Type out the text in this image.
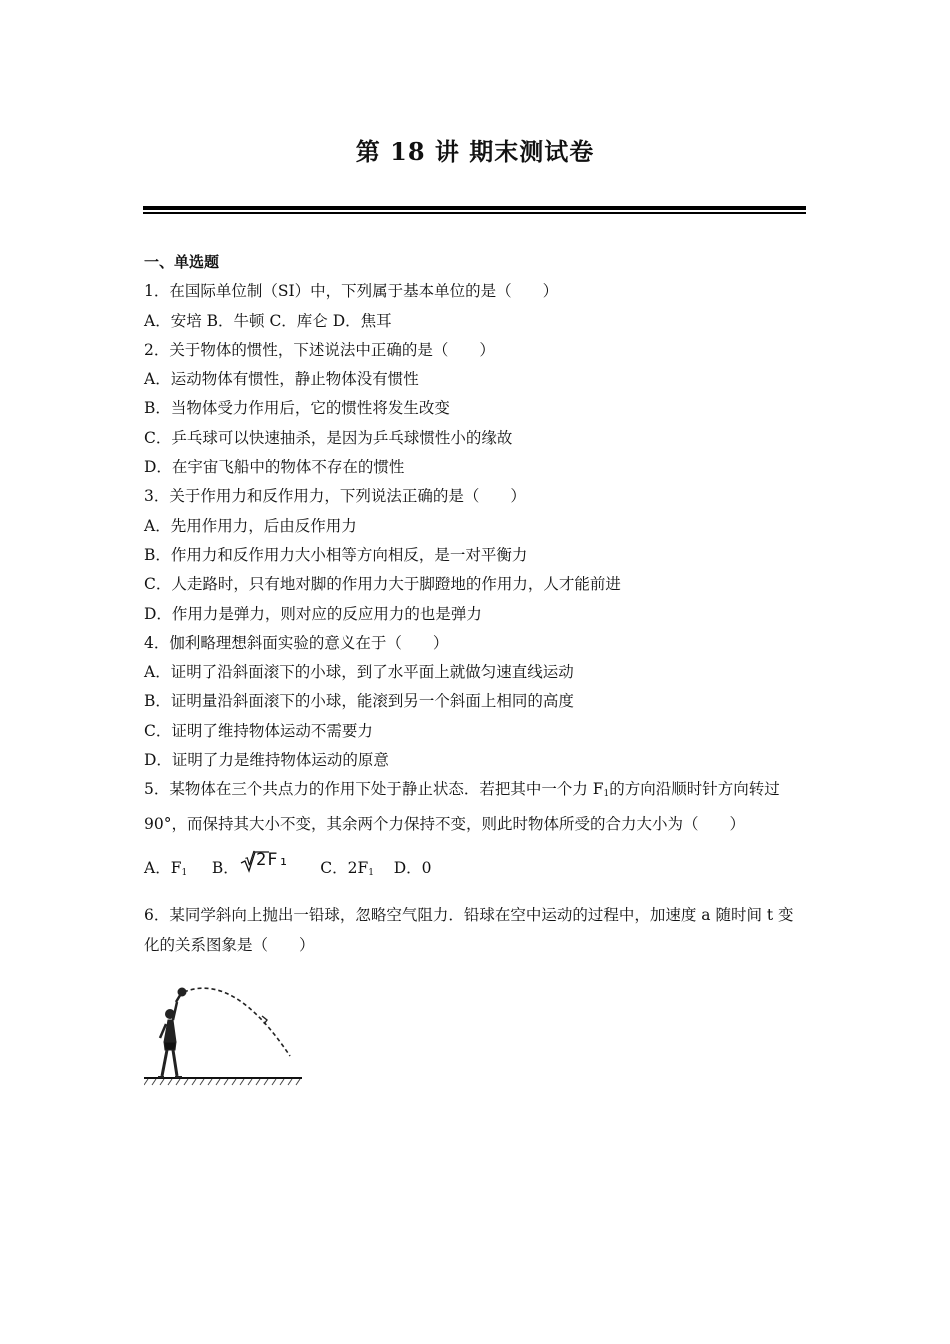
第 18 讲 期末测试卷
一、单选题
1．在国际单位制（SI）中，下列属于基本单位的是（　　）
A．安培 B．牛顿 C．库仑 D．焦耳
2．关于物体的惯性，下述说法中正确的是（　　）
A．运动物体有惯性，静止物体没有惯性
B．当物体受力作用后，它的惯性将发生改变
C．乒乓球可以快速抽杀，是因为乒乓球惯性小的缘故
D．在宇宙飞船中的物体不存在的惯性
3．关于作用力和反作用力，下列说法正确的是（　　）
A．先用作用力，后由反作用力
B．作用力和反作用力大小相等方向相反，是一对平衡力
C．人走路时，只有地对脚的作用力大于脚蹬地的作用力，人才能前进
D．作用力是弹力，则对应的反应用力的也是弹力
4．伽利略理想斜面实验的意义在于（　　）
A．证明了沿斜面滚下的小球，到了水平面上就做匀速直线运动
B．证明量沿斜面滚下的小球，能滚到另一个斜面上相同的高度
C．证明了维持物体运动不需要力
D．证明了力是维持物体运动的原意
5．某物体在三个共点力的作用下处于静止状态．若把其中一个力 $F_1$的方向沿顺时针方向转过 90°，而保持其大小不变，其余两个力保持不变，则此时物体所受的合力大小为（　　）
A．$F_1$ B． √2F₁ C．$2F_1$ D．0
6．某同学斜向上抛出一铅球，忽略空气阻力．铅球在空中运动的过程中，加速度 a 随时间 t 变化的关系图象是（　　）
